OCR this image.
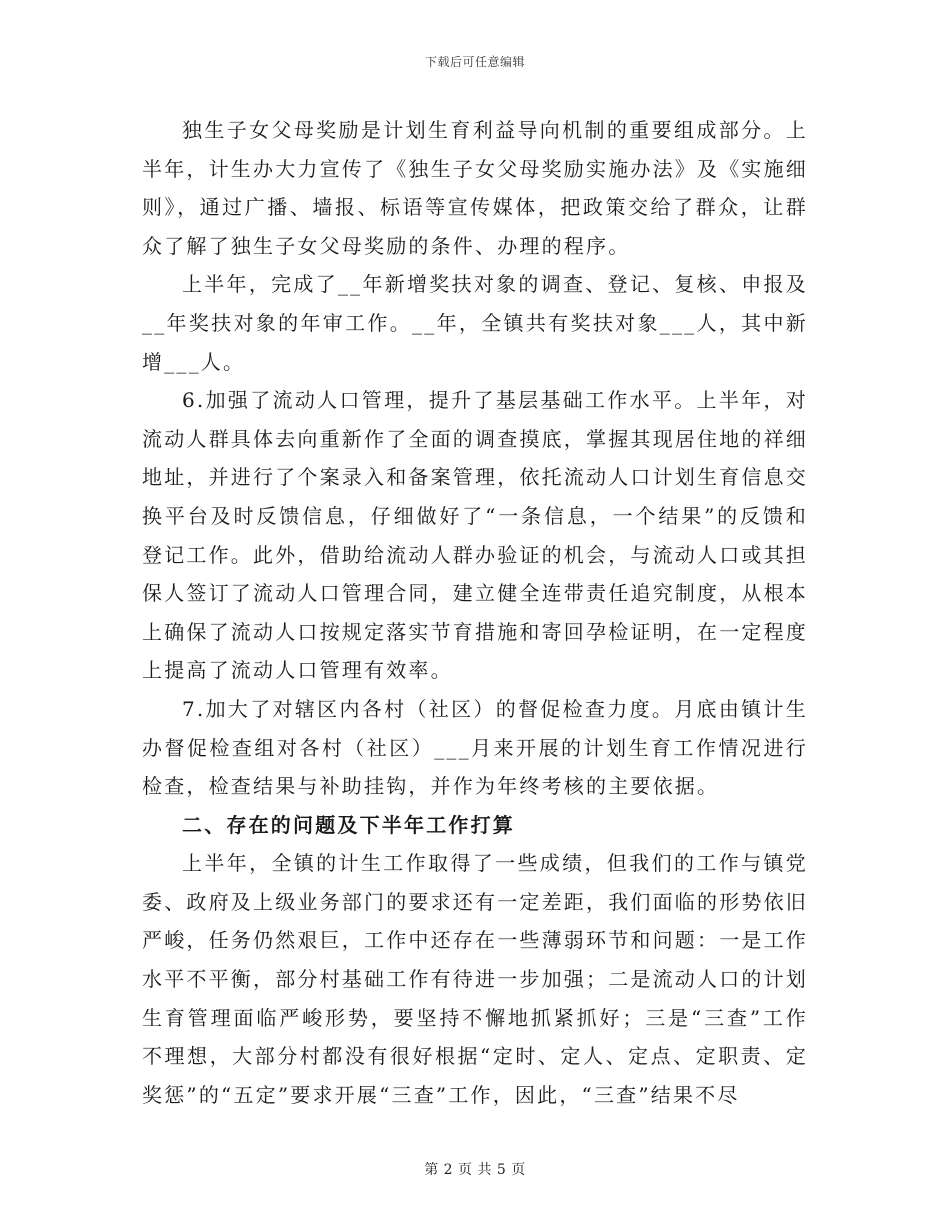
下载后可任意编辑

独生子女父母奖励是计划生育利益导向机制的重要组成部分。上半年，计生办大力宣传了《独生子女父母奖励实施办法》及《实施细则》，通过广播、墙报、标语等宣传媒体，把政策交给了群众，让群众了解了独生子女父母奖励的条件、办理的程序。

上半年，完成了__年新增奖扶对象的调查、登记、复核、申报及__年奖扶对象的年审工作。__年，全镇共有奖扶对象___人，其中新增___人。

6.加强了流动人口管理，提升了基层基础工作水平。上半年，对流动人群具体去向重新作了全面的调查摸底，掌握其现居住地的祥细地址，并进行了个案录入和备案管理，依托流动人口计划生育信息交换平台及时反馈信息，仔细做好了“一条信息，一个结果”的反馈和登记工作。此外，借助给流动人群办验证的机会，与流动人口或其担保人签订了流动人口管理合同，建立健全连带责任追究制度，从根本上确保了流动人口按规定落实节育措施和寄回孕检证明，在一定程度上提高了流动人口管理有效率。

7.加大了对辖区内各村（社区）的督促检查力度。月底由镇计生办督促检查组对各村（社区）___月来开展的计划生育工作情况进行检查，检查结果与补助挂钩，并作为年终考核的主要依据。

二、存在的问题及下半年工作打算

上半年，全镇的计生工作取得了一些成绩，但我们的工作与镇党委、政府及上级业务部门的要求还有一定差距，我们面临的形势依旧严峻，任务仍然艰巨，工作中还存在一些薄弱环节和问题：一是工作水平不平衡，部分村基础工作有待进一步加强；二是流动人口的计划生育管理面临严峻形势，要坚持不懈地抓紧抓好；三是“三查”工作不理想，大部分村都没有很好根据“定时、定人、定点、定职责、定奖惩”的“五定”要求开展“三查”工作，因此，“三查”结果不尽

第 2 页 共 5 页
